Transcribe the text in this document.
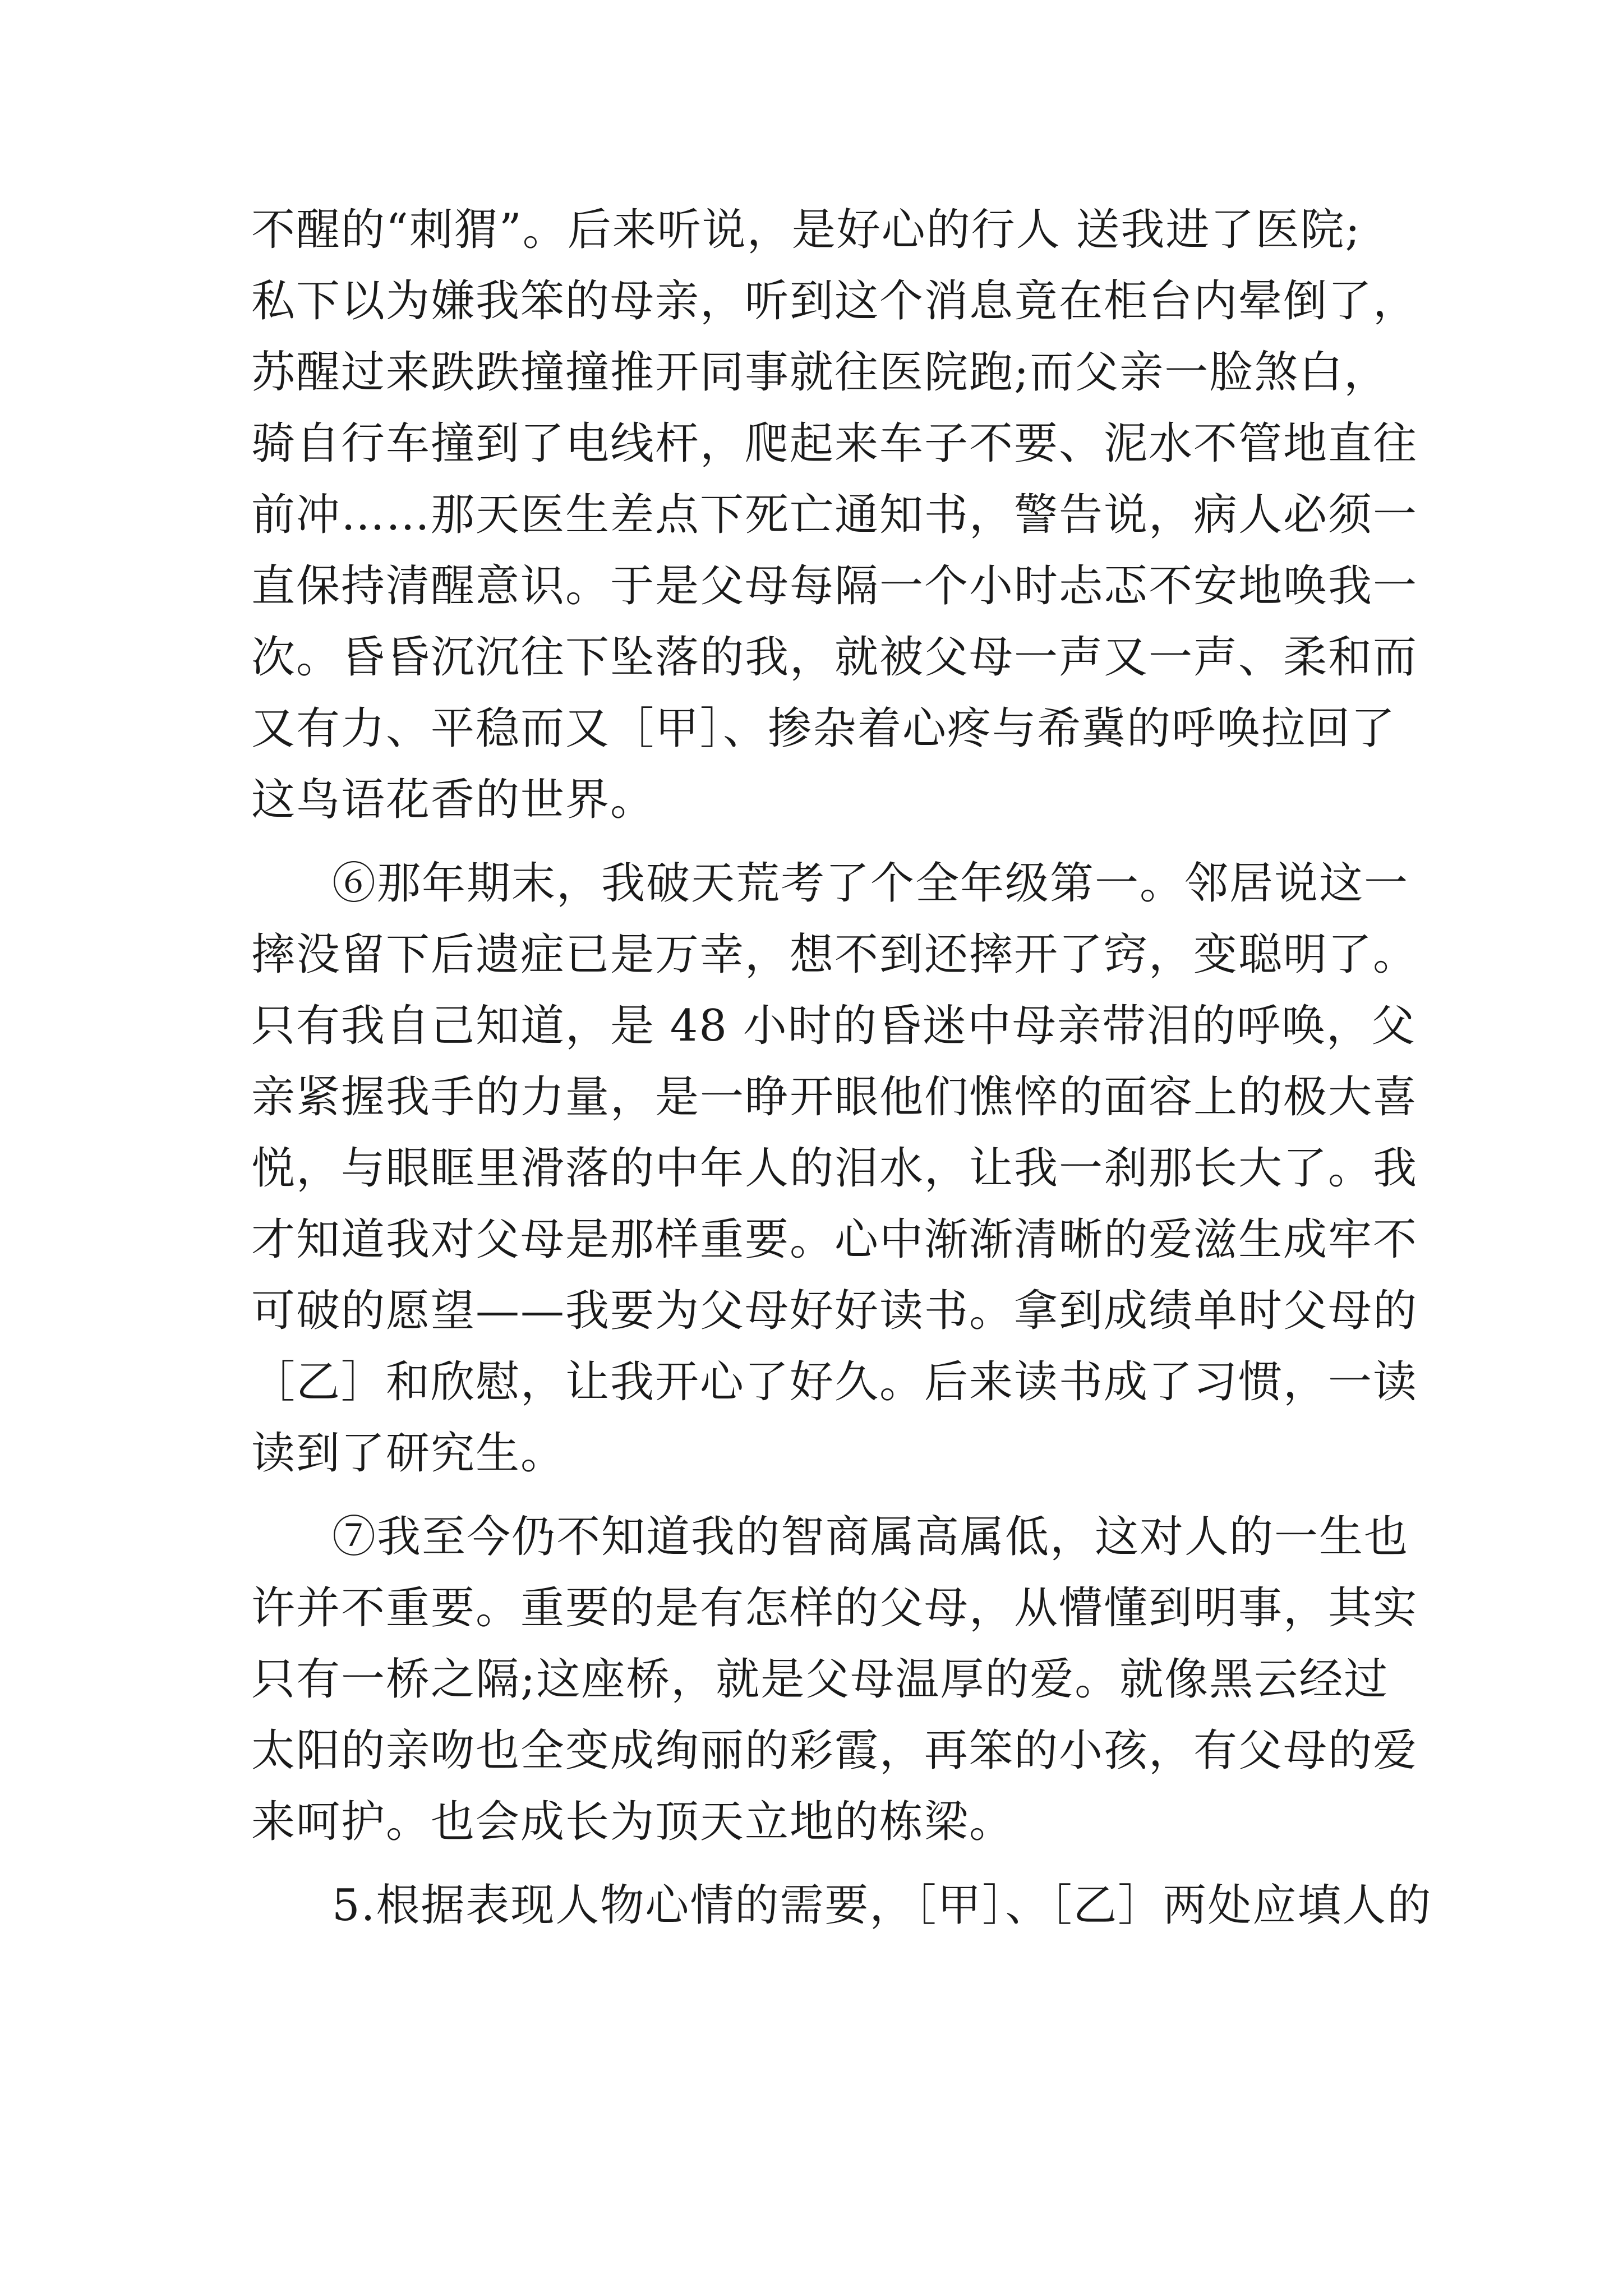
不醒的“刺猬”。后来听说，是好心的行人 送我进了医院;
私下以为嫌我笨的母亲，听到这个消息竟在柜台内晕倒了，
苏醒过来跌跌撞撞推开同事就往医院跑;而父亲一脸煞白，
骑自行车撞到了电线杆，爬起来车子不要、泥水不管地直往
前冲……那天医生差点下死亡通知书，警告说，病人必须一
直保持清醒意识。于是父母每隔一个小时忐忑不安地唤我一
次。昏昏沉沉往下坠落的我，就被父母一声又一声、柔和而
又有力、平稳而又［甲］、掺杂着心疼与希冀的呼唤拉回了
这鸟语花香的世界。
⑥那年期末，我破天荒考了个全年级第一。邻居说这一
摔没留下后遗症已是万幸，想不到还摔开了窍，变聪明了。
只有我自己知道，是 48 小时的昏迷中母亲带泪的呼唤，父
亲紧握我手的力量，是一睁开眼他们憔悴的面容上的极大喜
悦，与眼眶里滑落的中年人的泪水，让我一刹那长大了。我
才知道我对父母是那样重要。心中渐渐清晰的爱滋生成牢不
可破的愿望——我要为父母好好读书。拿到成绩单时父母的
［乙］和欣慰，让我开心了好久。后来读书成了习惯，一读
读到了研究生。
⑦我至今仍不知道我的智商属高属低，这对人的一生也
许并不重要。重要的是有怎样的父母，从懵懂到明事，其实
只有一桥之隔;这座桥，就是父母温厚的爱。就像黑云经过
太阳的亲吻也全变成绚丽的彩霞，再笨的小孩，有父母的爱
来呵护。也会成长为顶天立地的栋梁。
5.根据表现人物心情的需要，［甲］、［乙］两处应填人的
